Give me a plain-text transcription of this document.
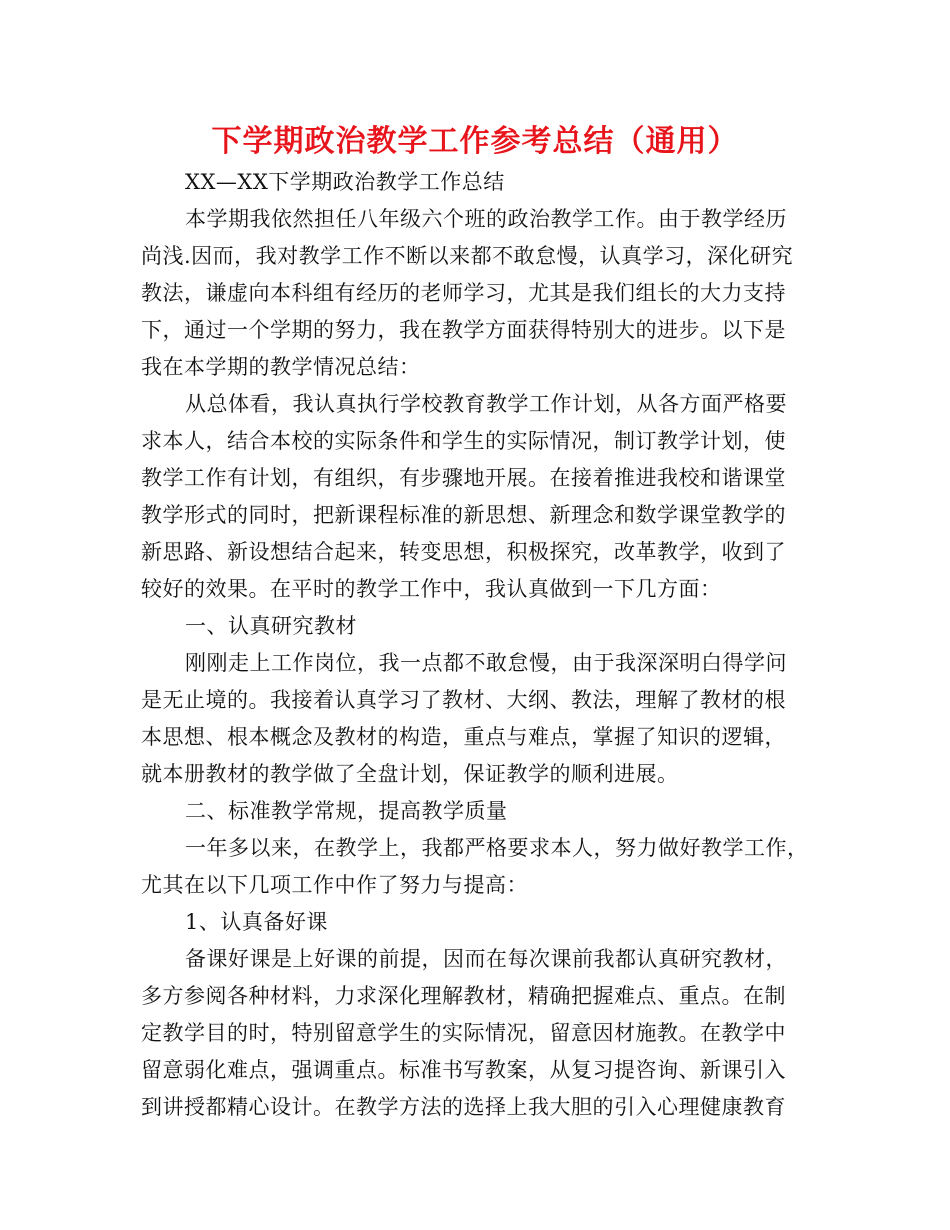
下学期政治教学工作参考总结（通用）
XX—XX下学期政治教学工作总结
本学期我依然担任八年级六个班的政治教学工作。由于教学经历
尚浅.因而，我对教学工作不断以来都不敢怠慢，认真学习，深化研究
教法，谦虚向本科组有经历的老师学习，尤其是我们组长的大力支持
下，通过一个学期的努力，我在教学方面获得特别大的进步。以下是
我在本学期的教学情况总结：
从总体看，我认真执行学校教育教学工作计划，从各方面严格要
求本人，结合本校的实际条件和学生的实际情况，制订教学计划，使
教学工作有计划，有组织，有步骤地开展。在接着推进我校和谐课堂
教学形式的同时，把新课程标准的新思想、新理念和数学课堂教学的
新思路、新设想结合起来，转变思想，积极探究，改革教学，收到了
较好的效果。在平时的教学工作中，我认真做到一下几方面：
一、认真研究教材
刚刚走上工作岗位，我一点都不敢怠慢，由于我深深明白得学问
是无止境的。我接着认真学习了教材、大纲、教法，理解了教材的根
本思想、根本概念及教材的构造，重点与难点，掌握了知识的逻辑，
就本册教材的教学做了全盘计划，保证教学的顺利进展。
二、标准教学常规，提高教学质量
一年多以来，在教学上，我都严格要求本人，努力做好教学工作，
尤其在以下几项工作中作了努力与提高：
1、认真备好课
备课好课是上好课的前提，因而在每次课前我都认真研究教材，
多方参阅各种材料，力求深化理解教材，精确把握难点、重点。在制
定教学目的时，特别留意学生的实际情况，留意因材施教。在教学中
留意弱化难点，强调重点。标准书写教案，从复习提咨询、新课引入
到讲授都精心设计。在教学方法的选择上我大胆的引入心理健康教育
